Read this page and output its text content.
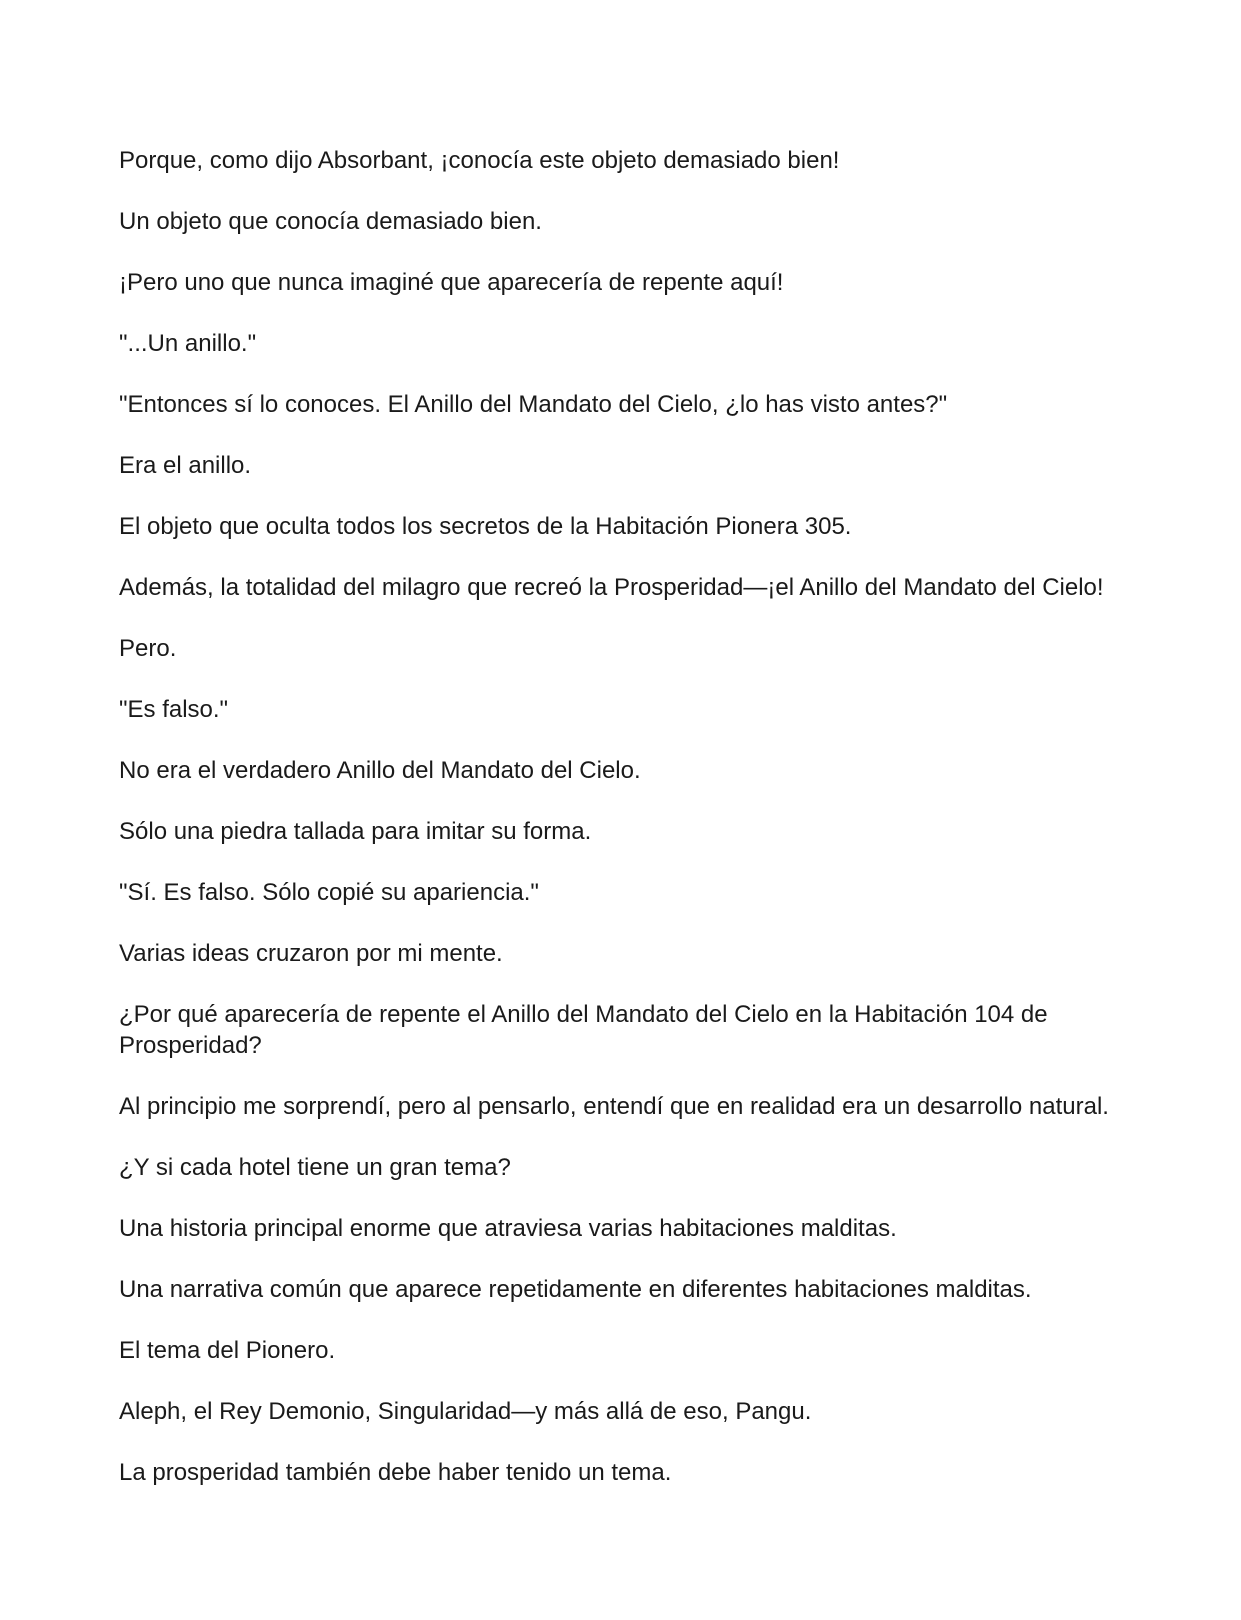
Porque, como dijo Absorbant, ¡conocía este objeto demasiado bien!

Un objeto que conocía demasiado bien.

¡Pero uno que nunca imaginé que aparecería de repente aquí!

"...Un anillo."

"Entonces sí lo conoces. El Anillo del Mandato del Cielo, ¿lo has visto antes?"

Era el anillo.

El objeto que oculta todos los secretos de la Habitación Pionera 305.

Además, la totalidad del milagro que recreó la Prosperidad—¡el Anillo del Mandato del Cielo!

Pero.

"Es falso."

No era el verdadero Anillo del Mandato del Cielo.

Sólo una piedra tallada para imitar su forma.

"Sí. Es falso. Sólo copié su apariencia."

Varias ideas cruzaron por mi mente.

¿Por qué aparecería de repente el Anillo del Mandato del Cielo en la Habitación 104 de Prosperidad?

Al principio me sorprendí, pero al pensarlo, entendí que en realidad era un desarrollo natural.

¿Y si cada hotel tiene un gran tema?

Una historia principal enorme que atraviesa varias habitaciones malditas.

Una narrativa común que aparece repetidamente en diferentes habitaciones malditas.

El tema del Pionero.

Aleph, el Rey Demonio, Singularidad—y más allá de eso, Pangu.

La prosperidad también debe haber tenido un tema.
